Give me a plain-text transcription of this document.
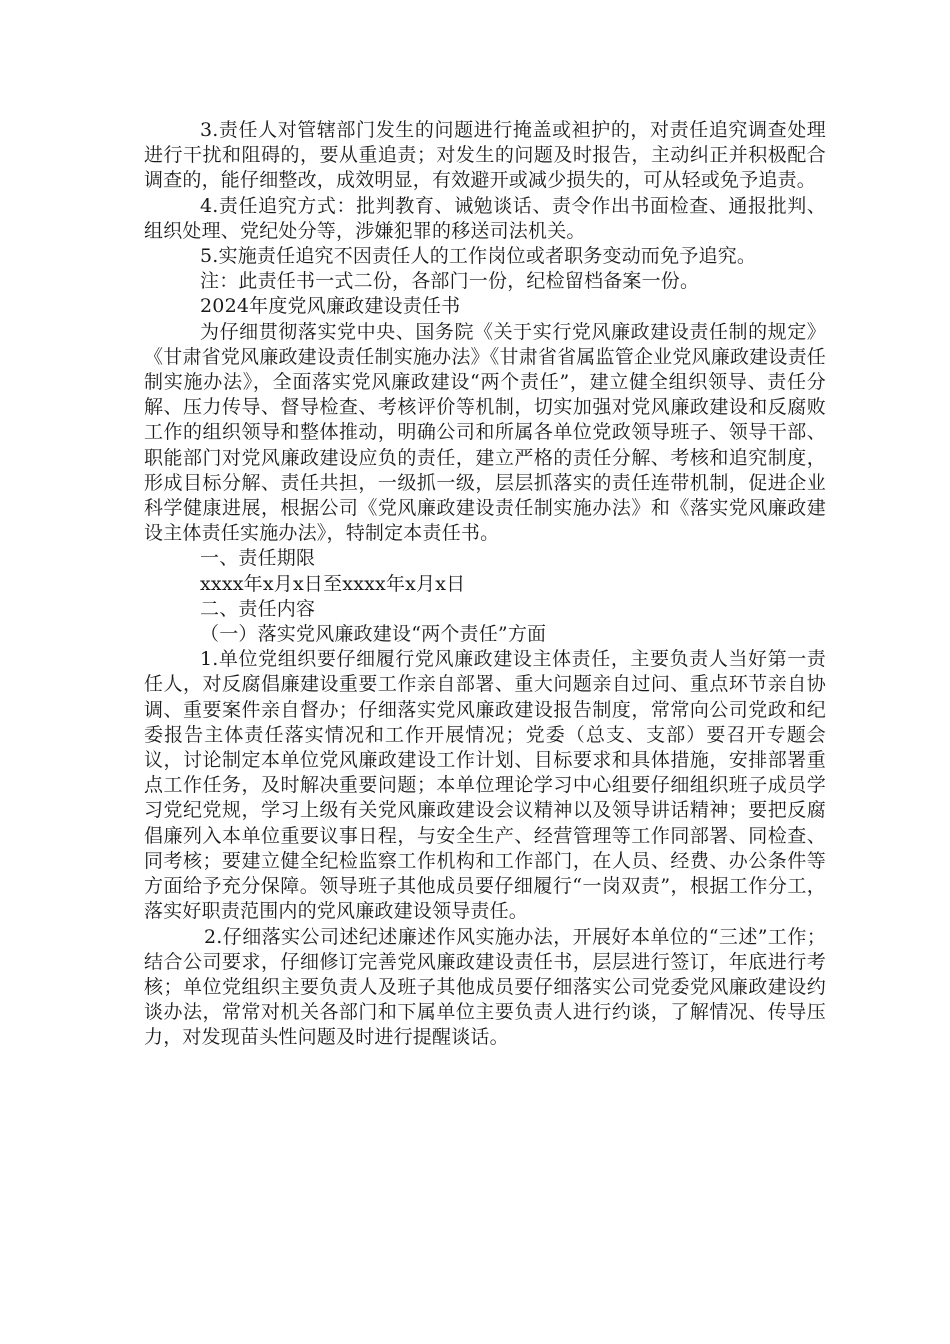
3.责任人对管辖部门发生的问题进行掩盖或袒护的，对责任追究调查处理进行干扰和阻碍的，要从重追责；对发生的问题及时报告，主动纠正并积极配合调查的，能仔细整改，成效明显，有效避开或减少损失的，可从轻或免予追责。

4.责任追究方式：批判教育、诫勉谈话、责令作出书面检查、通报批判、组织处理、党纪处分等，涉嫌犯罪的移送司法机关。

5.实施责任追究不因责任人的工作岗位或者职务变动而免予追究。

注：此责任书一式二份，各部门一份，纪检留档备案一份。

2024年度党风廉政建设责任书

为仔细贯彻落实党中央、国务院《关于实行党风廉政建设责任制的规定》《甘肃省党风廉政建设责任制实施办法》《甘肃省省属监管企业党风廉政建设责任制实施办法》，全面落实党风廉政建设“两个责任”，建立健全组织领导、责任分解、压力传导、督导检查、考核评价等机制，切实加强对党风廉政建设和反腐败工作的组织领导和整体推动，明确公司和所属各单位党政领导班子、领导干部、职能部门对党风廉政建设应负的责任，建立严格的责任分解、考核和追究制度，形成目标分解、责任共担，一级抓一级，层层抓落实的责任连带机制，促进企业科学健康进展，根据公司《党风廉政建设责任制实施办法》和《落实党风廉政建设主体责任实施办法》，特制定本责任书。

一、责任期限

xxxx年x月x日至xxxx年x月x日

二、责任内容

（一）落实党风廉政建设“两个责任”方面

1.单位党组织要仔细履行党风廉政建设主体责任，主要负责人当好第一责任人，对反腐倡廉建设重要工作亲自部署、重大问题亲自过问、重点环节亲自协调、重要案件亲自督办；仔细落实党风廉政建设报告制度，常常向公司党政和纪委报告主体责任落实情况和工作开展情况；党委（总支、支部）要召开专题会议，讨论制定本单位党风廉政建设工作计划、目标要求和具体措施，安排部署重点工作任务，及时解决重要问题；本单位理论学习中心组要仔细组织班子成员学习党纪党规，学习上级有关党风廉政建设会议精神以及领导讲话精神；要把反腐倡廉列入本单位重要议事日程，与安全生产、经营管理等工作同部署、同检查、同考核；要建立健全纪检监察工作机构和工作部门，在人员、经费、办公条件等方面给予充分保障。领导班子其他成员要仔细履行“一岗双责”，根据工作分工，落实好职责范围内的党风廉政建设领导责任。

2.仔细落实公司述纪述廉述作风实施办法，开展好本单位的“三述”工作；结合公司要求，仔细修订完善党风廉政建设责任书，层层进行签订，年底进行考核；单位党组织主要负责人及班子其他成员要仔细落实公司党委党风廉政建设约谈办法，常常对机关各部门和下属单位主要负责人进行约谈，了解情况、传导压力，对发现苗头性问题及时进行提醒谈话。
